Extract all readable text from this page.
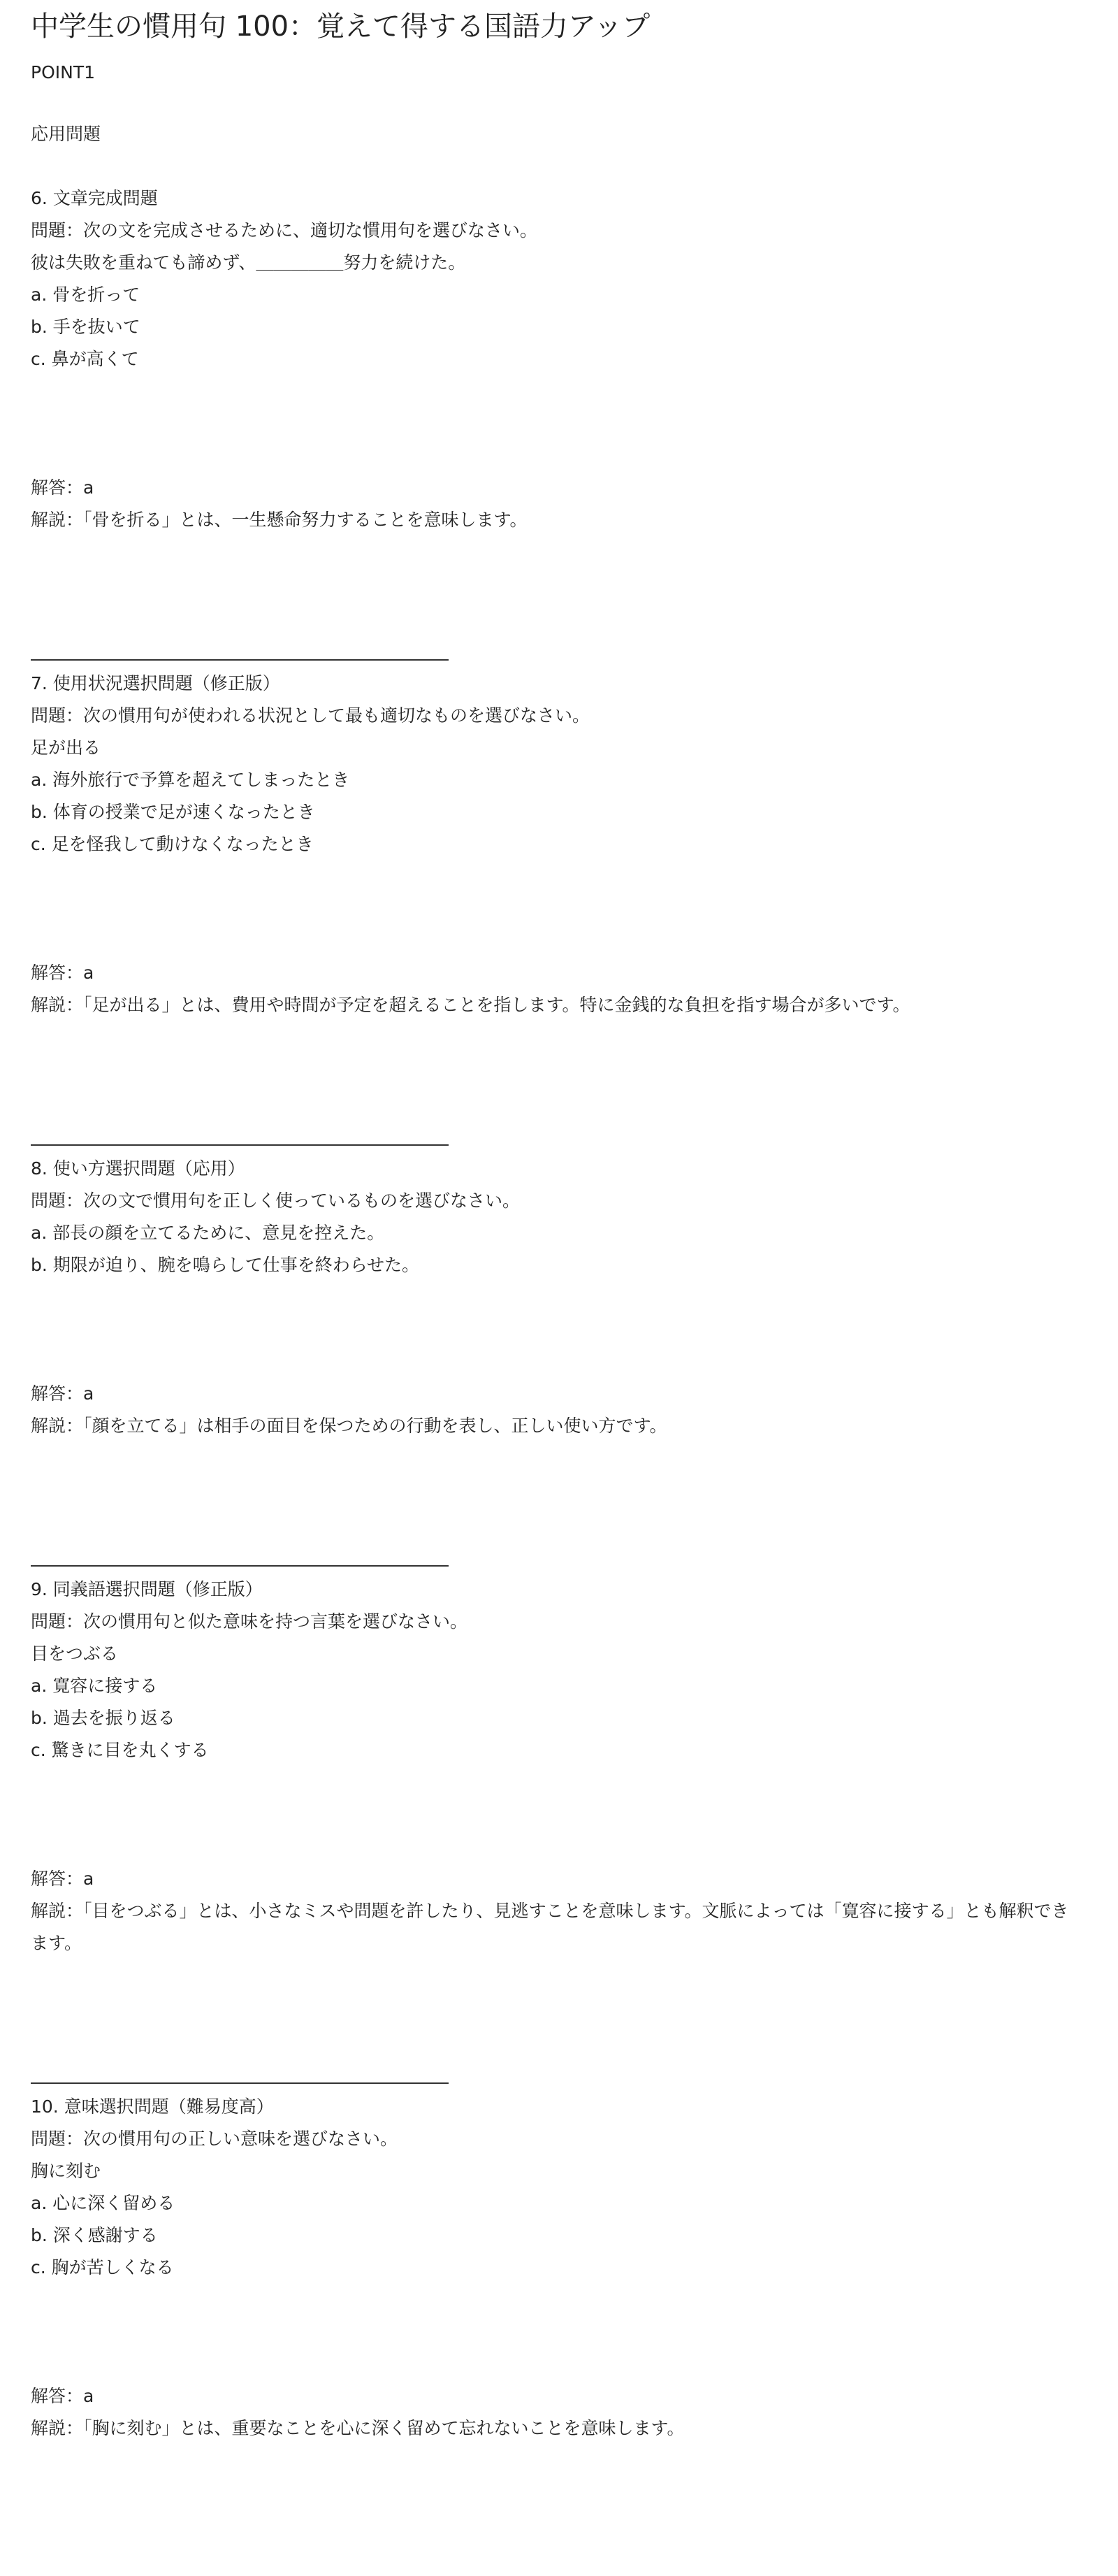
中学生の慣用句 100：覚えて得する国語力アップ
POINT1
応用問題
6. 文章完成問題
問題：次の文を完成させるために、適切な慣用句を選びなさい。
彼は失敗を重ねても諦めず、＿＿＿＿＿努力を続けた。
a. 骨を折って
b. 手を抜いて
c. 鼻が高くて
解答：a
解説：「骨を折る」とは、一生懸命努力することを意味します。
7. 使用状況選択問題（修正版）
問題：次の慣用句が使われる状況として最も適切なものを選びなさい。
足が出る
a. 海外旅行で予算を超えてしまったとき
b. 体育の授業で足が速くなったとき
c. 足を怪我して動けなくなったとき
解答：a
解説：「足が出る」とは、費用や時間が予定を超えることを指します。特に金銭的な負担を指す場合が多いです。
8. 使い方選択問題（応用）
問題：次の文で慣用句を正しく使っているものを選びなさい。
a. 部長の顔を立てるために、意見を控えた。
b. 期限が迫り、腕を鳴らして仕事を終わらせた。
解答：a
解説：「顔を立てる」は相手の面目を保つための行動を表し、正しい使い方です。
9. 同義語選択問題（修正版）
問題：次の慣用句と似た意味を持つ言葉を選びなさい。
目をつぶる
a. 寛容に接する
b. 過去を振り返る
c. 驚きに目を丸くする
解答：a
解説：「目をつぶる」とは、小さなミスや問題を許したり、見逃すことを意味します。文脈によっては「寛容に接する」とも解釈できます。
10. 意味選択問題（難易度高）
問題：次の慣用句の正しい意味を選びなさい。
胸に刻む
a. 心に深く留める
b. 深く感謝する
c. 胸が苦しくなる
解答：a
解説：「胸に刻む」とは、重要なことを心に深く留めて忘れないことを意味します。
